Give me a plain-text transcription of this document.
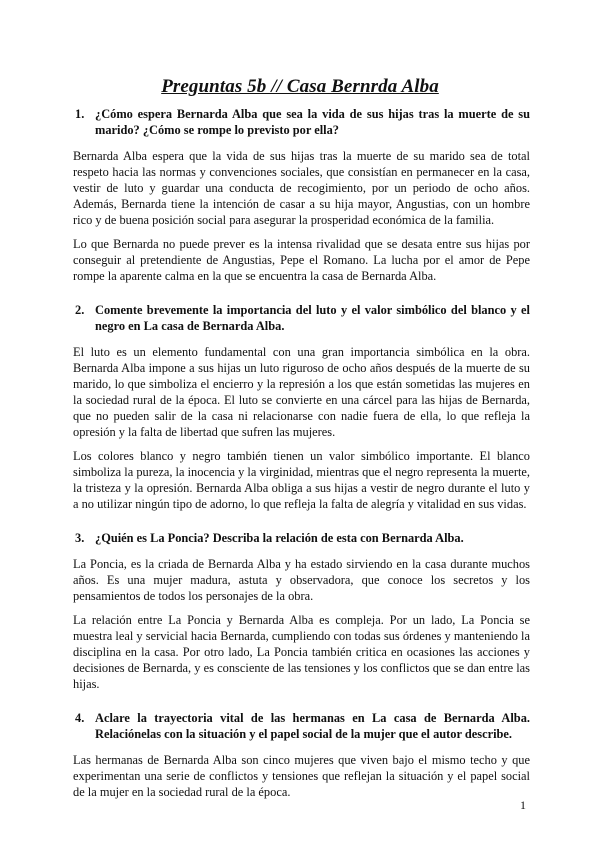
Preguntas 5b // Casa Bernrda Alba
1. ¿Cómo espera Bernarda Alba que sea la vida de sus hijas tras la muerte de su marido? ¿Cómo se rompe lo previsto por ella?

Bernarda Alba espera que la vida de sus hijas tras la muerte de su marido sea de total respeto hacia las normas y convenciones sociales, que consistían en permanecer en la casa, vestir de luto y guardar una conducta de recogimiento, por un periodo de ocho años. Además, Bernarda tiene la intención de casar a su hija mayor, Angustias, con un hombre rico y de buena posición social para asegurar la prosperidad económica de la familia.

Lo que Bernarda no puede prever es la intensa rivalidad que se desata entre sus hijas por conseguir al pretendiente de Angustias, Pepe el Romano. La lucha por el amor de Pepe rompe la aparente calma en la que se encuentra la casa de Bernarda Alba.

2. Comente brevemente la importancia del luto y el valor simbólico del blanco y el negro en La casa de Bernarda Alba.

El luto es un elemento fundamental con una gran importancia simbólica en la obra. Bernarda Alba impone a sus hijas un luto riguroso de ocho años después de la muerte de su marido, lo que simboliza el encierro y la represión a los que están sometidas las mujeres en la sociedad rural de la época. El luto se convierte en una cárcel para las hijas de Bernarda, que no pueden salir de la casa ni relacionarse con nadie fuera de ella, lo que refleja la opresión y la falta de libertad que sufren las mujeres.

Los colores blanco y negro también tienen un valor simbólico importante. El blanco simboliza la pureza, la inocencia y la virginidad, mientras que el negro representa la muerte, la tristeza y la opresión. Bernarda Alba obliga a sus hijas a vestir de negro durante el luto y a no utilizar ningún tipo de adorno, lo que refleja la falta de alegría y vitalidad en sus vidas.

3. ¿Quién es La Poncia? Describa la relación de esta con Bernarda Alba.

La Poncia, es la criada de Bernarda Alba y ha estado sirviendo en la casa durante muchos años. Es una mujer madura, astuta y observadora, que conoce los secretos y los pensamientos de todos los personajes de la obra.

La relación entre La Poncia y Bernarda Alba es compleja. Por un lado, La Poncia se muestra leal y servicial hacia Bernarda, cumpliendo con todas sus órdenes y manteniendo la disciplina en la casa. Por otro lado, La Poncia también critica en ocasiones las acciones y decisiones de Bernarda, y es consciente de las tensiones y los conflictos que se dan entre las hijas.

4. Aclare la trayectoria vital de las hermanas en La casa de Bernarda Alba. Relaciónelas con la situación y el papel social de la mujer que el autor describe.

Las hermanas de Bernarda Alba son cinco mujeres que viven bajo el mismo techo y que experimentan una serie de conflictos y tensiones que reflejan la situación y el papel social de la mujer en la sociedad rural de la época.

1
